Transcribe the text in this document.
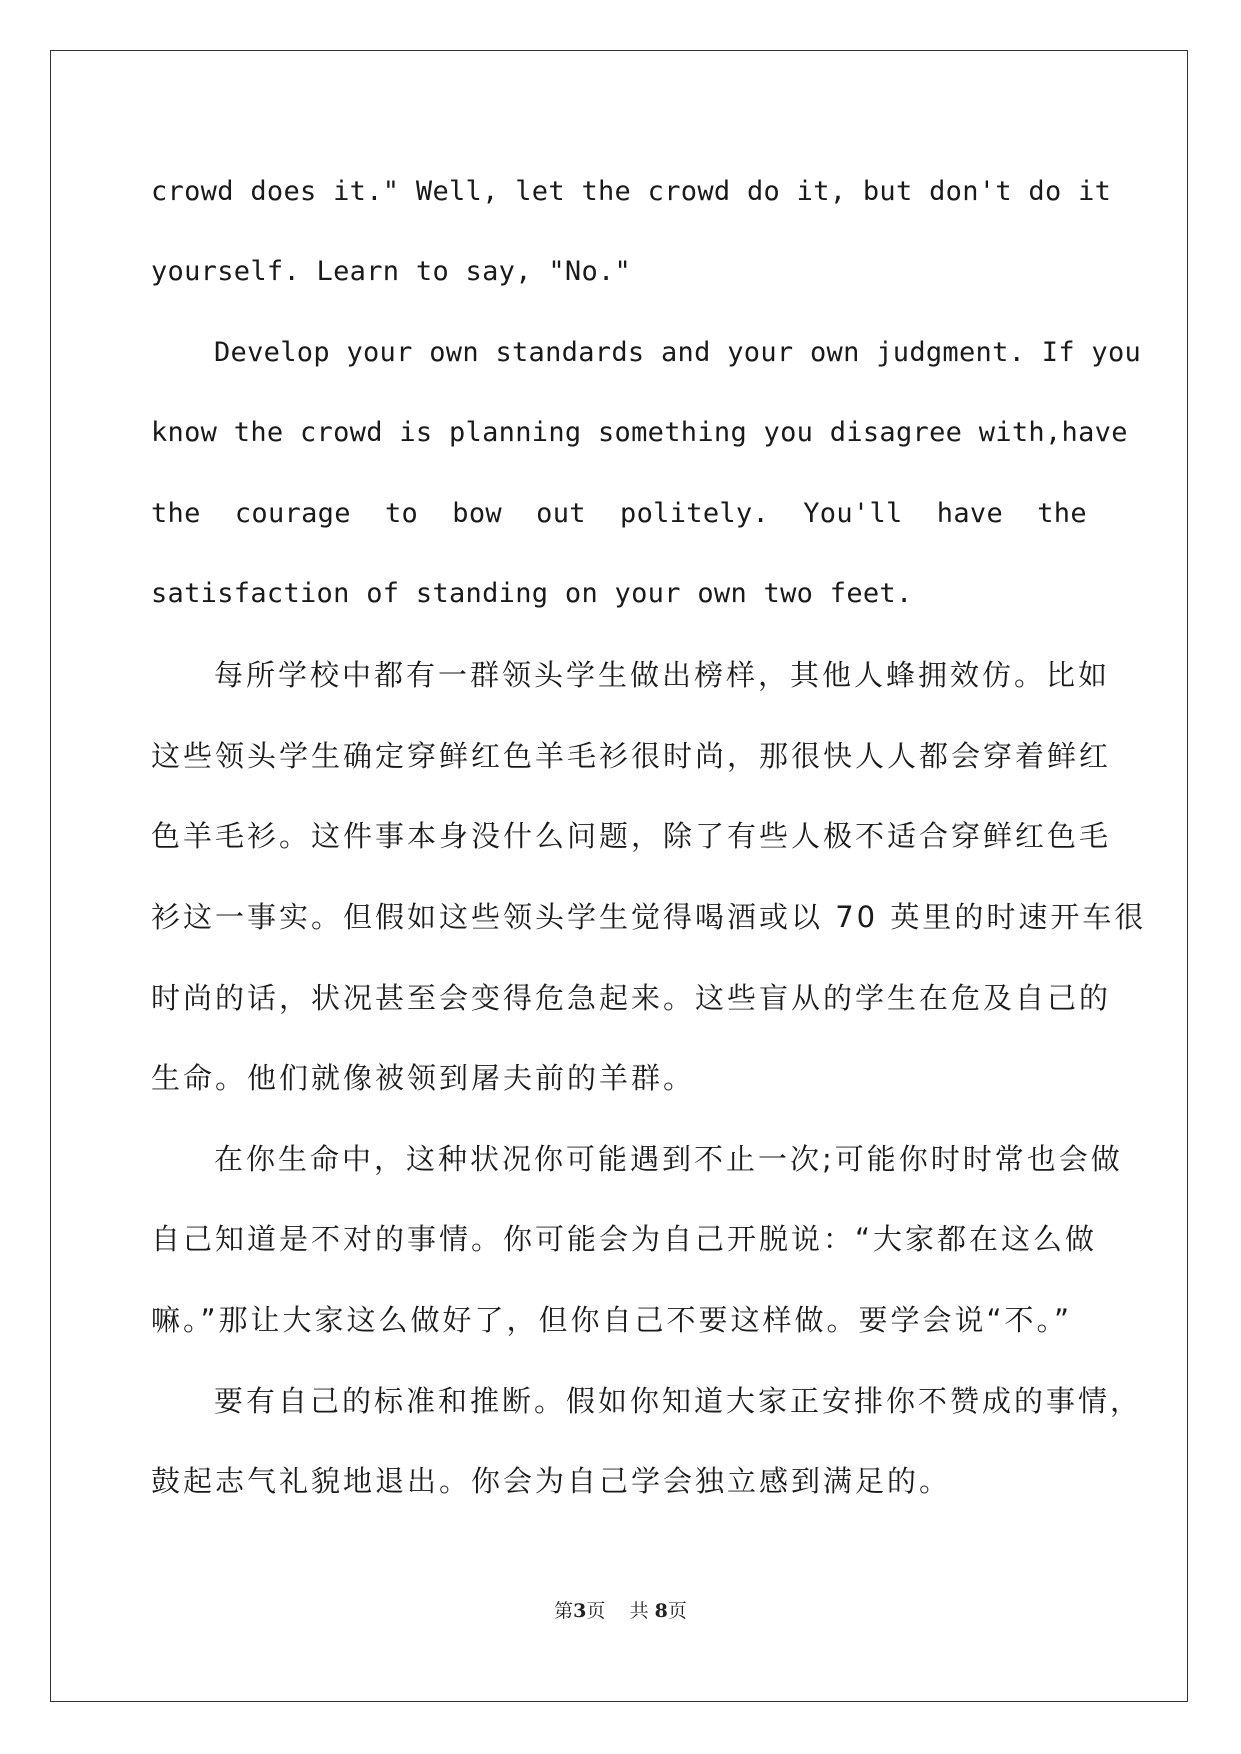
crowd does it." Well, let the crowd do it, but don't do it
yourself. Learn to say, "No."
Develop your own standards and your own judgment. If you
know the crowd is planning something you disagree with,have
the courage to bow out politely. You'll have the
satisfaction of standing on your own two feet.
每所学校中都有一群领头学生做出榜样，其他人蜂拥效仿。比如
这些领头学生确定穿鲜红色羊毛衫很时尚，那很快人人都会穿着鲜红
色羊毛衫。这件事本身没什么问题，除了有些人极不适合穿鲜红色毛
衫这一事实。但假如这些领头学生觉得喝酒或以 70 英里的时速开车很
时尚的话，状况甚至会变得危急起来。这些盲从的学生在危及自己的
生命。他们就像被领到屠夫前的羊群。
在你生命中，这种状况你可能遇到不止一次;可能你时时常也会做
自己知道是不对的事情。你可能会为自己开脱说：“大家都在这么做
嘛。”那让大家这么做好了，但你自己不要这样做。要学会说“不。”
要有自己的标准和推断。假如你知道大家正安排你不赞成的事情，
鼓起志气礼貌地退出。你会为自己学会独立感到满足的。
第3页 共 8页
